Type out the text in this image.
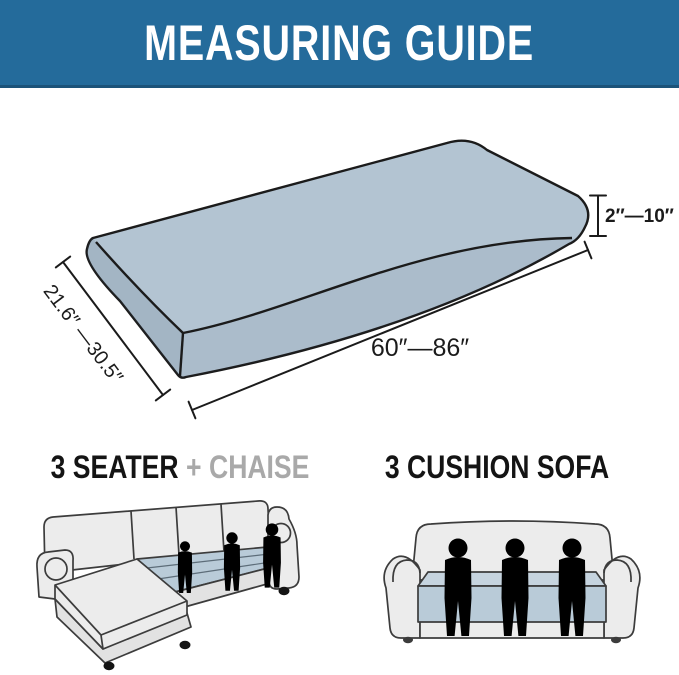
MEASURING GUIDE
60″—86″
21.6″ —30.5″
2″—10″
3 SEATER + CHAISE 3 CUSHION SOFA
